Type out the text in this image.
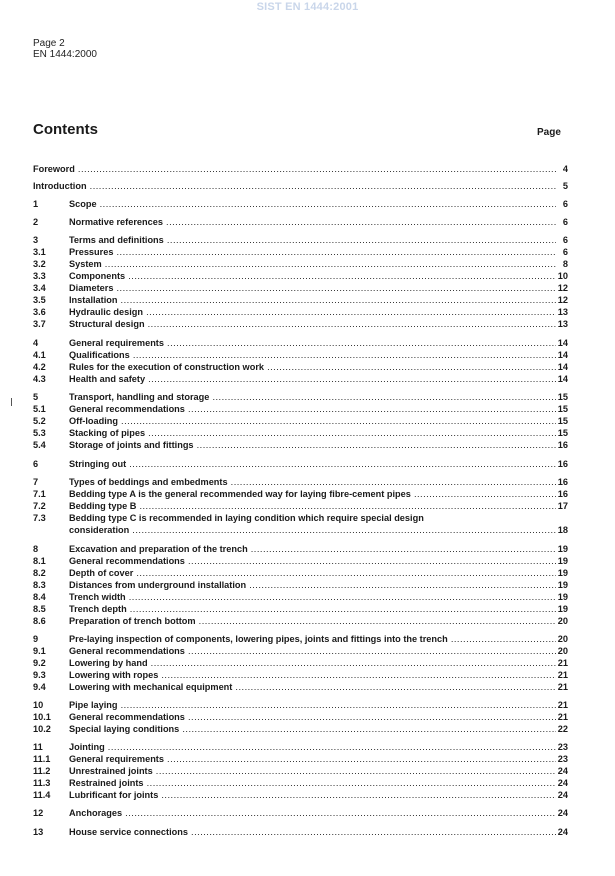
SIST EN 1444:2001
Page 2
EN 1444:2000
Contents	Page
Foreword .....	4
Introduction .....	5
1	Scope .....	6
2	Normative references .....	6
3	Terms and definitions .....	6
3.1	Pressures .....	6
3.2	System .....	8
3.3	Components .....	10
3.4	Diameters .....	12
3.5	Installation .....	12
3.6	Hydraulic design .....	13
3.7	Structural design .....	13
4	General requirements .....	14
4.1	Qualifications .....	14
4.2	Rules for the execution of construction work .....	14
4.3	Health and safety .....	14
5	Transport, handling and storage .....	15
5.1	General recommendations .....	15
5.2	Off-loading .....	15
5.3	Stacking of pipes .....	15
5.4	Storage of joints and fittings .....	16
6	Stringing out .....	16
7	Types of beddings and embedments .....	16
7.1	Bedding type A is the general recommended way for laying fibre-cement pipes .....	16
7.2	Bedding type B .....	17
7.3	Bedding type C is recommended in laying condition which require special design
consideration .....	18
8	Excavation and preparation of the trench .....	19
8.1	General recommendations .....	19
8.2	Depth of cover .....	19
8.3	Distances from underground installation .....	19
8.4	Trench width .....	19
8.5	Trench depth .....	19
8.6	Preparation of trench bottom .....	20
9	Pre-laying inspection of components, lowering pipes, joints and fittings into the trench .....	20
9.1	General recommendations .....	20
9.2	Lowering by hand .....	21
9.3	Lowering with ropes .....	21
9.4	Lowering with mechanical equipment .....	21
10	Pipe laying .....	21
10.1 General recommendations .....	21
10.2 Special laying conditions .....	22
11	Jointing .....	23
11.1 General requirements .....	23
11.2 Unrestrained joints .....	24
11.3 Restrained joints .....	24
11.4 Lubrificant for joints .....	24
12	Anchorages .....	24
13	House service connections .....	24
